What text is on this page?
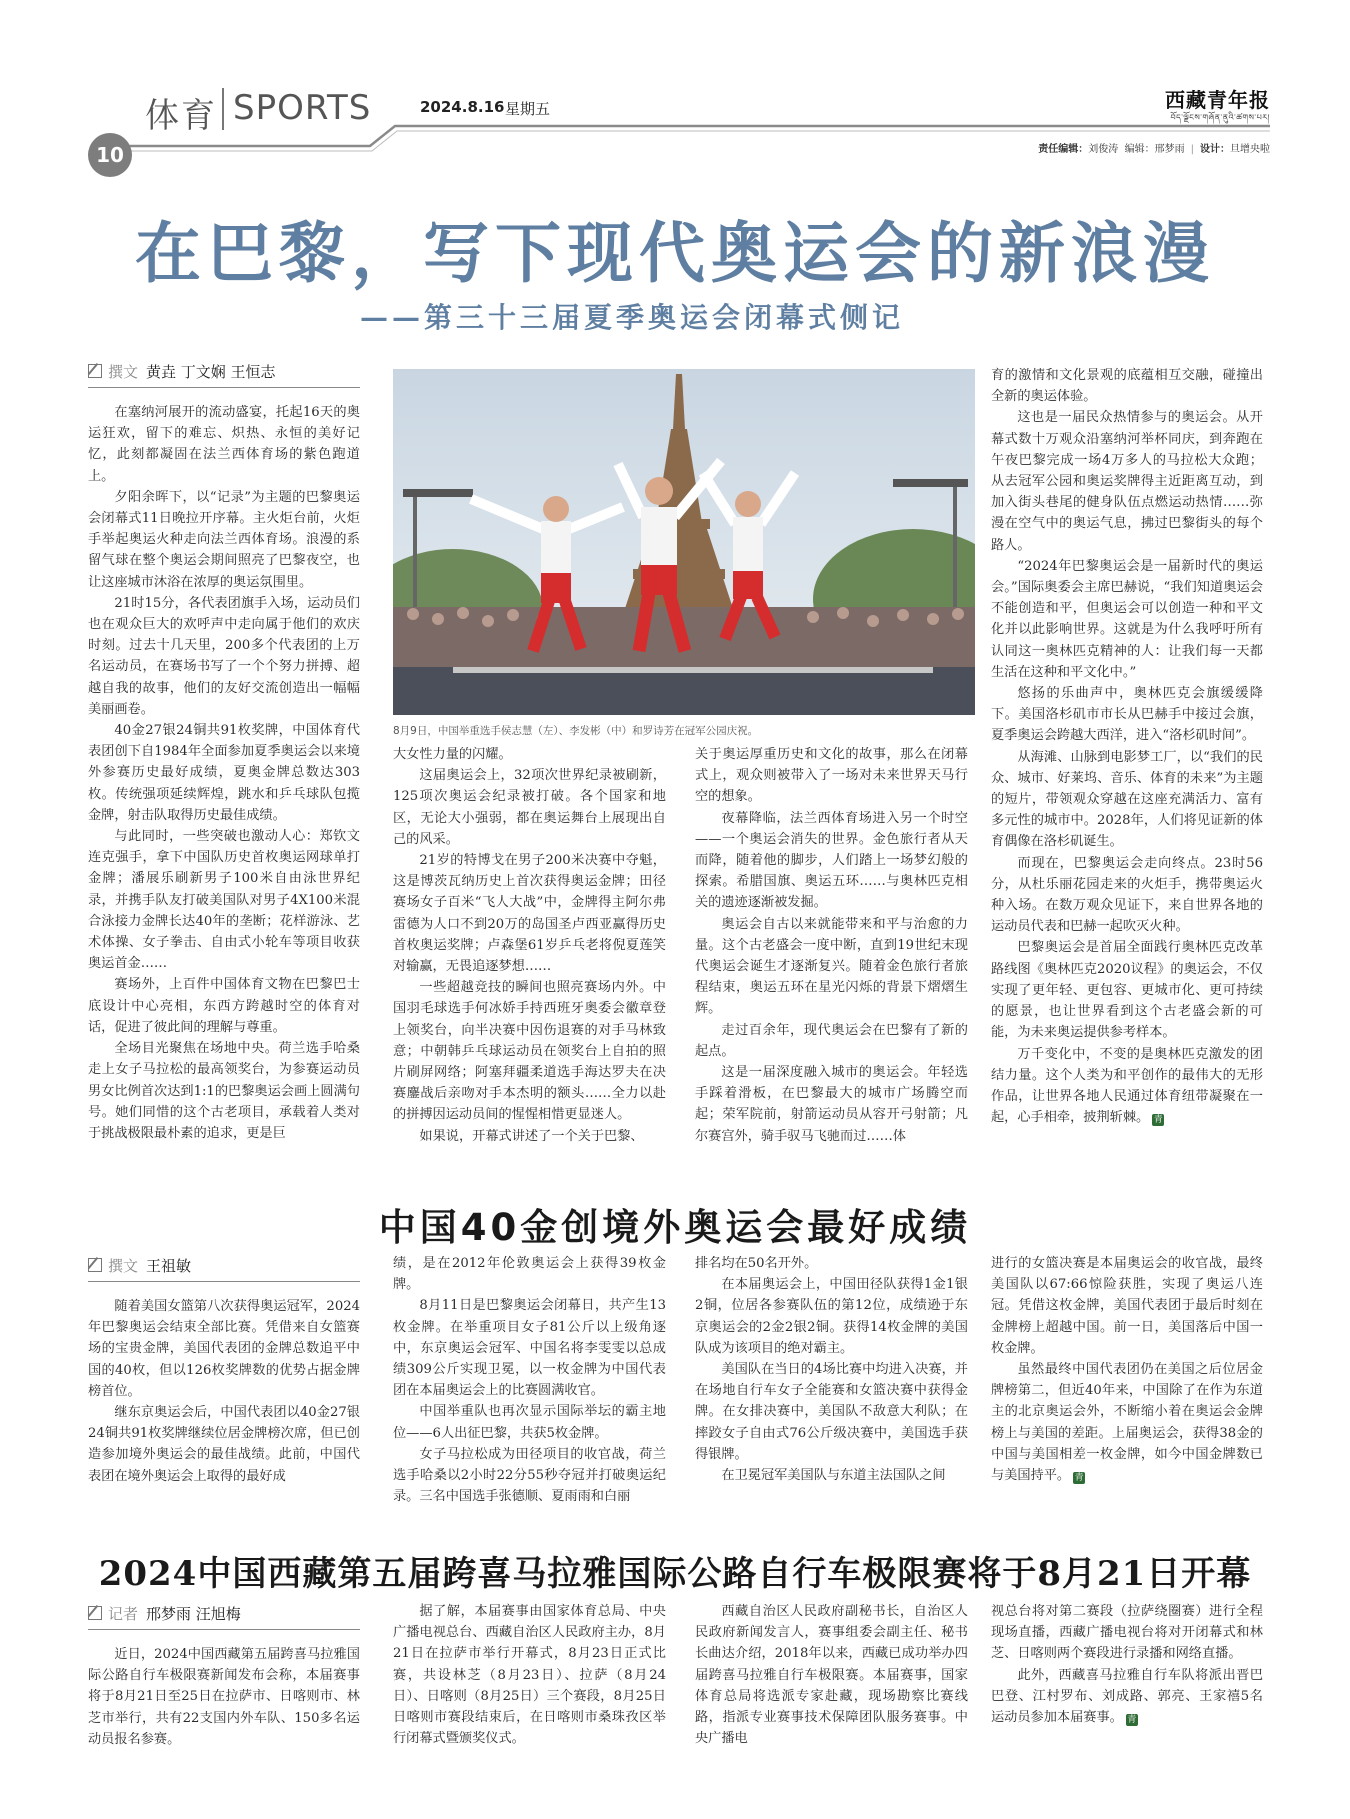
体育 SPORTS	2024.8.16 星期五	西藏青年报
བོད་ལྗོངས་གཞོན་ནུའི་ཚགས་པར།
10	责任编辑：刘俊涛 编辑：邢梦雨 | 设计：旦增央啦
在巴黎，写下现代奥运会的新浪漫
——第三十三届夏季奥运会闭幕式侧记
撰文 黄垚 丁文娴 王恒志

在塞纳河展开的流动盛宴，托起16天的奥运狂欢，留下的难忘、炽热、永恒的美好记忆，此刻都凝固在法兰西体育场的紫色跑道上。

夕阳余晖下，以“记录”为主题的巴黎奥运会闭幕式11日晚拉开序幕。主火炬台前，火炬手举起奥运火种走向法兰西体育场。浪漫的系留气球在整个奥运会期间照亮了巴黎夜空，也让这座城市沐浴在浓厚的奥运氛围里。

21时15分，各代表团旗手入场，运动员们也在观众巨大的欢呼声中走向属于他们的欢庆时刻。过去十几天里，200多个代表团的上万名运动员，在赛场书写了一个个努力拼搏、超越自我的故事，他们的友好交流创造出一幅幅美丽画卷。

40金27银24铜共91枚奖牌，中国体育代表团创下自1984年全面参加夏季奥运会以来境外参赛历史最好成绩，夏奥金牌总数达303枚。传统强项延续辉煌，跳水和乒乓球队包揽金牌，射击队取得历史最佳成绩。

与此同时，一些突破也激动人心：郑钦文连克强手，拿下中国队历史首枚奥运网球单打金牌；潘展乐刷新男子100米自由泳世界纪录，并携手队友打破美国队对男子4X100米混合泳接力金牌长达40年的垄断；花样游泳、艺术体操、女子拳击、自由式小轮车等项目收获奥运首金……

赛场外，上百件中国体育文物在巴黎巴士底设计中心亮相，东西方跨越时空的体育对话，促进了彼此间的理解与尊重。

全场目光聚焦在场地中央。荷兰选手哈桑走上女子马拉松的最高领奖台，为参赛运动员男女比例首次达到1:1的巴黎奥运会画上圆满句号。她们同惜的这个古老项目，承载着人类对于挑战极限最朴素的追求，更是巨

8月9日，中国举重选手侯志慧（左）、李发彬（中）和罗诗芳在冠军公园庆祝。

大女性力量的闪耀。

这届奥运会上，32项次世界纪录被刷新，125项次奥运会纪录被打破。各个国家和地区，无论大小强弱，都在奥运舞台上展现出自己的风采。

21岁的特博戈在男子200米决赛中夺魁，这是博茨瓦纳历史上首次获得奥运金牌；田径赛场女子百米“飞人大战”中，金牌得主阿尔弗雷德为人口不到20万的岛国圣卢西亚赢得历史首枚奥运奖牌；卢森堡61岁乒乓老将倪夏莲笑对输赢，无畏追逐梦想……

一些超越竞技的瞬间也照亮赛场内外。中国羽毛球选手何冰娇手持西班牙奥委会徽章登上领奖台，向半决赛中因伤退赛的对手马林致意；中朝韩乒乓球运动员在领奖台上自拍的照片刷屏网络；阿塞拜疆柔道选手海达罗夫在决赛鏖战后亲吻对手本杰明的额头……全力以赴的拼搏因运动员间的惺惺相惜更显迷人。

如果说，开幕式讲述了一个关于巴黎、

关于奥运厚重历史和文化的故事，那么在闭幕式上，观众则被带入了一场对未来世界天马行空的想象。

夜幕降临，法兰西体育场进入另一个时空——一个奥运会消失的世界。金色旅行者从天而降，随着他的脚步，人们踏上一场梦幻般的探索。希腊国旗、奥运五环……与奥林匹克相关的遗迹逐渐被发掘。

奥运会自古以来就能带来和平与治愈的力量。这个古老盛会一度中断，直到19世纪末现代奥运会诞生才逐渐复兴。随着金色旅行者旅程结束，奥运五环在星光闪烁的背景下熠熠生辉。

走过百余年，现代奥运会在巴黎有了新的起点。

这是一届深度融入城市的奥运会。年轻选手踩着滑板，在巴黎最大的城市广场腾空而起；荣军院前，射箭运动员从容开弓射箭；凡尔赛宫外，骑手驭马飞驰而过……体

育的激情和文化景观的底蕴相互交融，碰撞出全新的奥运体验。

这也是一届民众热情参与的奥运会。从开幕式数十万观众沿塞纳河举杯同庆，到奔跑在午夜巴黎完成一场4万多人的马拉松大众跑；从去冠军公园和奥运奖牌得主近距离互动，到加入街头巷尾的健身队伍点燃运动热情……弥漫在空气中的奥运气息，拂过巴黎街头的每个路人。

“2024年巴黎奥运会是一届新时代的奥运会。”国际奥委会主席巴赫说，“我们知道奥运会不能创造和平，但奥运会可以创造一种和平文化并以此影响世界。这就是为什么我呼吁所有认同这一奥林匹克精神的人：让我们每一天都生活在这种和平文化中。”

悠扬的乐曲声中，奥林匹克会旗缓缓降下。美国洛杉矶市市长从巴赫手中接过会旗，夏季奥运会跨越大西洋，进入“洛杉矶时间”。

从海滩、山脉到电影梦工厂，以“我们的民众、城市、好莱坞、音乐、体育的未来”为主题的短片，带领观众穿越在这座充满活力、富有多元性的城市中。2028年，人们将见证新的体育偶像在洛杉矶诞生。

而现在，巴黎奥运会走向终点。23时56分，从杜乐丽花园走来的火炬手，携带奥运火种入场。在数万观众见证下，来自世界各地的运动员代表和巴赫一起吹灭火种。

巴黎奥运会是首届全面践行奥林匹克改革路线图《奥林匹克2020议程》的奥运会，不仅实现了更年轻、更包容、更城市化、更可持续的愿景，也让世界看到这个古老盛会新的可能，为未来奥运提供参考样本。

万千变化中，不变的是奥林匹克激发的团结力量。这个人类为和平创作的最伟大的无形作品，让世界各地人民通过体育纽带凝聚在一起，心手相牵，披荆斩棘。 青

中国40金创境外奥运会最好成绩
撰文 王祖敏

随着美国女篮第八次获得奥运冠军，2024年巴黎奥运会结束全部比赛。凭借来自女篮赛场的宝贵金牌，美国代表团的金牌总数追平中国的40枚，但以126枚奖牌数的优势占据金牌榜首位。

继东京奥运会后，中国代表团以40金27银24铜共91枚奖牌继续位居金牌榜次席，但已创造参加境外奥运会的最佳战绩。此前，中国代表团在境外奥运会上取得的最好成

绩，是在2012年伦敦奥运会上获得39枚金牌。

8月11日是巴黎奥运会闭幕日，共产生13枚金牌。在举重项目女子81公斤以上级角逐中，东京奥运会冠军、中国名将李雯雯以总成绩309公斤实现卫冕，以一枚金牌为中国代表团在本届奥运会上的比赛圆满收官。

中国举重队也再次显示国际举坛的霸主地位——6人出征巴黎，共获5枚金牌。

女子马拉松成为田径项目的收官战，荷兰选手哈桑以2小时22分55秒夺冠并打破奥运纪录。三名中国选手张德顺、夏雨雨和白丽

排名均在50名开外。

在本届奥运会上，中国田径队获得1金1银2铜，位居各参赛队伍的第12位，成绩逊于东京奥运会的2金2银2铜。获得14枚金牌的美国队成为该项目的绝对霸主。

美国队在当日的4场比赛中均进入决赛，并在场地自行车女子全能赛和女篮决赛中获得金牌。在女排决赛中，美国队不敌意大利队；在摔跤女子自由式76公斤级决赛中，美国选手获得银牌。

在卫冕冠军美国队与东道主法国队之间

进行的女篮决赛是本届奥运会的收官战，最终美国队以67:66惊险获胜，实现了奥运八连冠。凭借这枚金牌，美国代表团于最后时刻在金牌榜上超越中国。前一日，美国落后中国一枚金牌。

虽然最终中国代表团仍在美国之后位居金牌榜第二，但近40年来，中国除了在作为东道主的北京奥运会外，不断缩小着在奥运会金牌榜上与美国的差距。上届奥运会，获得38金的中国与美国相差一枚金牌，如今中国金牌数已与美国持平。 青

2024中国西藏第五届跨喜马拉雅国际公路自行车极限赛将于8月21日开幕
记者 邢梦雨 汪旭梅

近日，2024中国西藏第五届跨喜马拉雅国际公路自行车极限赛新闻发布会称，本届赛事将于8月21日至25日在拉萨市、日喀则市、林芝市举行，共有22支国内外车队、150多名运动员报名参赛。

据了解，本届赛事由国家体育总局、中央广播电视总台、西藏自治区人民政府主办，8月21日在拉萨市举行开幕式，8月23日正式比赛，共设林芝（8月23日）、拉萨（8月24日）、日喀则（8月25日）三个赛段，8月25日日喀则市赛段结束后，在日喀则市桑珠孜区举行闭幕式暨颁奖仪式。

西藏自治区人民政府副秘书长，自治区人民政府新闻发言人，赛事组委会副主任、秘书长曲达介绍，2018年以来，西藏已成功举办四届跨喜马拉雅自行车极限赛。本届赛事，国家体育总局将选派专家赴藏，现场勘察比赛线路，指派专业赛事技术保障团队服务赛事。中央广播电

视总台将对第二赛段（拉萨绕圈赛）进行全程现场直播，西藏广播电视台将对开闭幕式和林芝、日喀则两个赛段进行录播和网络直播。

此外，西藏喜马拉雅自行车队将派出晋巴巴登、江村罗布、刘成路、郭亮、王家禧5名运动员参加本届赛事。 青
